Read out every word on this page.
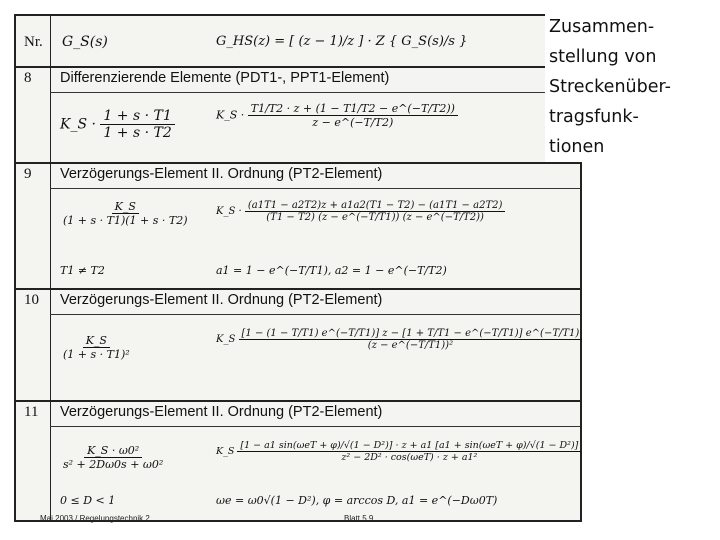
Nr. G_S(s)	G_HS(z) = [ (z − 1)/z ] · Z { G_S(s)/s }
8 Differenzierende Elemente (PDT1-, PPT1-Element)
K_S · $\frac{1 + s \cdot T1}{1 + s \cdot T2}$	K_S · $\frac{T1/T2 \cdot z + (1 - T1/T2 - e\^{}(-T/T2))}{z - e\^{}(-T/T2)}$
9 Verzögerungs-Element II. Ordnung (PT2-Element)
$\frac{K\_S}{(1 + s \cdot T1)(1 + s \cdot T2)}$	K_S · $\frac{(a1T1 - a2T2)z + a1a2(T1 - T2) - (a1T1 - a2T2)}{(T1 - T2) (z - e\^{}(-T/T1)) (z - e\^{}(-T/T2))}$
T1 ≠ T2	a1 = 1 − e^(−T/T1), a2 = 1 − e^(−T/T2)
10 Verzögerungs-Element II. Ordnung (PT2-Element)
$\frac{K\_S}{\text{(1 + s · T1)²}}$	K_S
[1 − (1 − T/T1) e^(−T/T1)] z − [1 + T/T1 − e^(−T/T1)] e^(−T/T1)
(z − e^(−T/T1))²
11 Verzögerungs-Element II. Ordnung (PT2-Element)
$\frac{\text{K\_S · ω0²}}{\text{s² + 2Dω0s + ω0²}}$	K_S
[1 − a1 sin(ωeT + φ)/√(1 − D²)] · z + a1 [a1 + sin(ωeT + φ)/√(1 − D²)]
z² − 2D² · cos(ωeT) · z + a1²
0 ≤ D < 1	ωe = ω0√(1 − D²), φ = arccos D, a1 = e^(−Dω0T)
Zusammen-
stellung von
Streckenüber-
tragsfunk-
tionen
Mai 2003 / Regelungstechnik 2	Blatt 5.9
